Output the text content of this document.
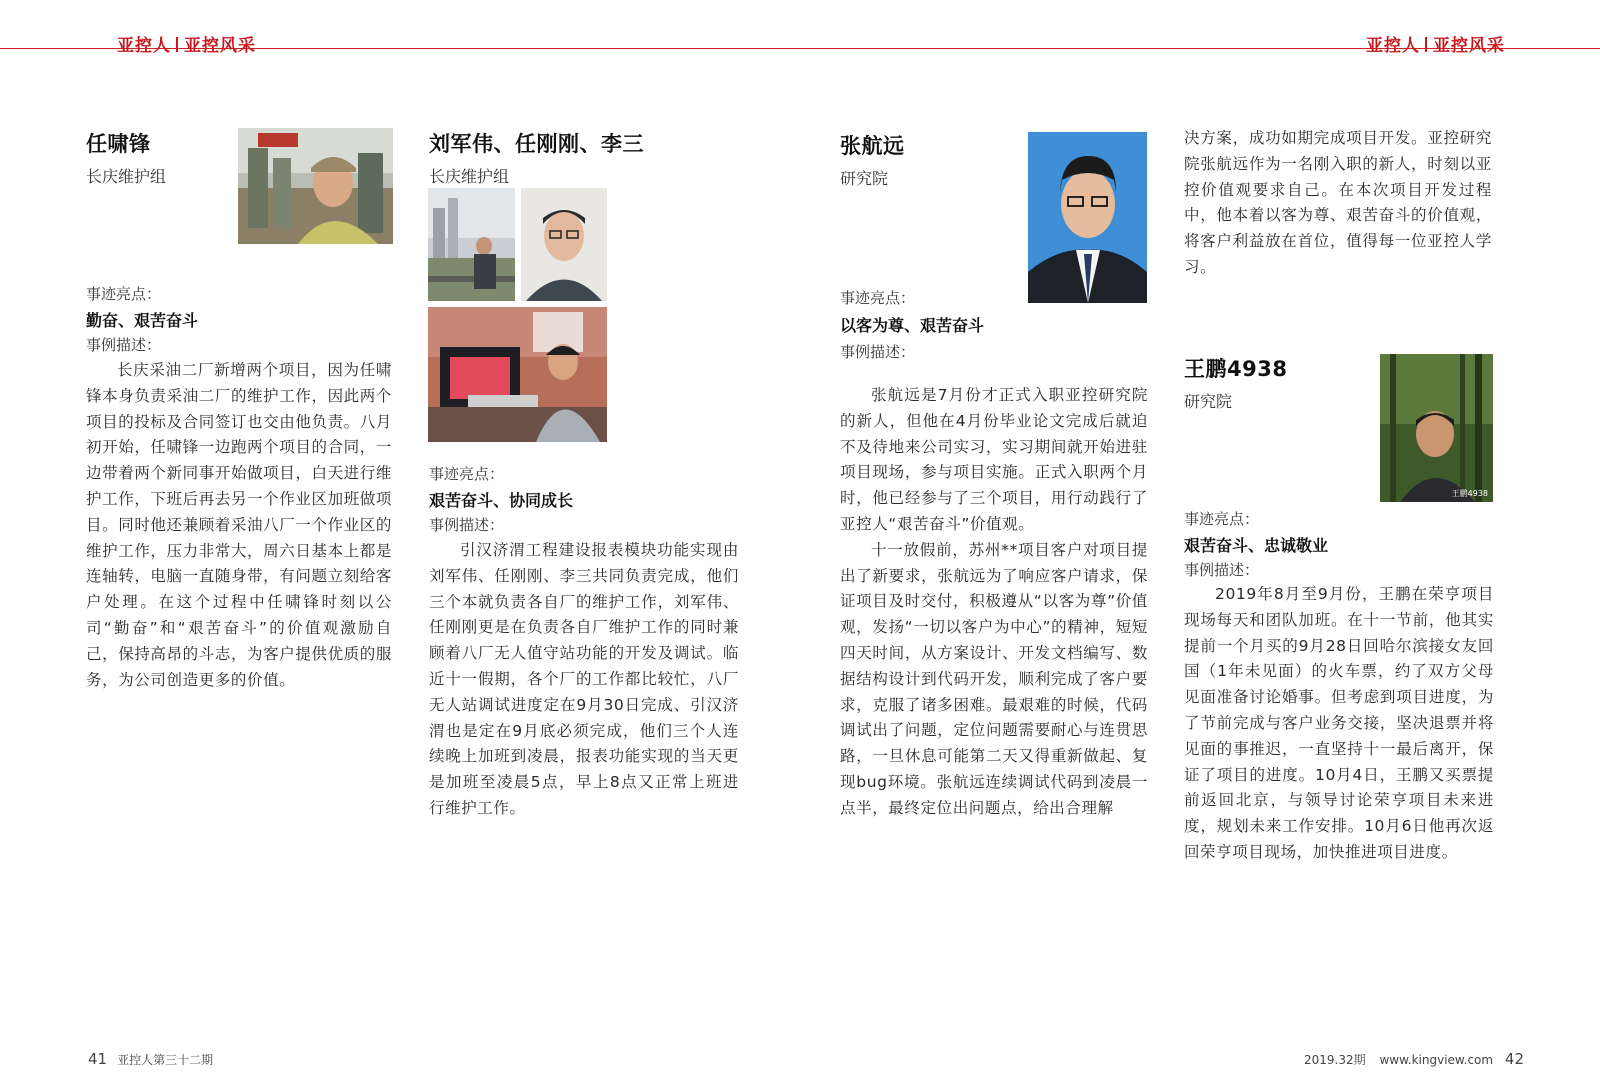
亚控人 亚控风采	亚控人 亚控风采
任啸锋
长庆维护组
事迹亮点：
勤奋、艰苦奋斗
事例描述：

长庆采油二厂新增两个项目，因为任啸锋本身负责采油二厂的维护工作，因此两个项目的投标及合同签订也交由他负责。八月初开始，任啸锋一边跑两个项目的合同，一边带着两个新同事开始做项目，白天进行维护工作，下班后再去另一个作业区加班做项目。同时他还兼顾着采油八厂一个作业区的维护工作，压力非常大，周六日基本上都是连轴转，电脑一直随身带，有问题立刻给客户处理。在这个过程中任啸锋时刻以公司“勤奋”和“艰苦奋斗”的价值观激励自己，保持高昂的斗志，为客户提供优质的服务，为公司创造更多的价值。

刘军伟、任刚刚、李三
长庆维护组
事迹亮点：
艰苦奋斗、协同成长
事例描述：

引汉济渭工程建设报表模块功能实现由刘军伟、任刚刚、李三共同负责完成，他们三个本就负责各自厂的维护工作，刘军伟、任刚刚更是在负责各自厂维护工作的同时兼顾着八厂无人值守站功能的开发及调试。临近十一假期，各个厂的工作都比较忙，八厂无人站调试进度定在9月30日完成、引汉济渭也是定在9月底必须完成，他们三个人连续晚上加班到凌晨，报表功能实现的当天更是加班至凌晨5点，早上8点又正常上班进行维护工作。

张航远
研究院
事迹亮点：
以客为尊、艰苦奋斗
事例描述：

张航远是7月份才正式入职亚控研究院的新人，但他在4月份毕业论文完成后就迫不及待地来公司实习，实习期间就开始进驻项目现场，参与项目实施。正式入职两个月时，他已经参与了三个项目，用行动践行了亚控人“艰苦奋斗”价值观。

十一放假前，苏州**项目客户对项目提出了新要求，张航远为了响应客户请求，保证项目及时交付，积极遵从“以客为尊”价值观，发扬“一切以客户为中心”的精神，短短四天时间，从方案设计、开发文档编写、数据结构设计到代码开发，顺利完成了客户要求，克服了诸多困难。最艰难的时候，代码调试出了问题，定位问题需要耐心与连贯思路，一旦休息可能第二天又得重新做起、复现bug环境。张航远连续调试代码到凌晨一点半，最终定位出问题点，给出合理解

决方案，成功如期完成项目开发。亚控研究院张航远作为一名刚入职的新人，时刻以亚控价值观要求自己。在本次项目开发过程中，他本着以客为尊、艰苦奋斗的价值观，将客户利益放在首位，值得每一位亚控人学习。

王鹏4938
研究院
王鹏4938
事迹亮点：
艰苦奋斗、忠诚敬业
事例描述：

2019年8月至9月份，王鹏在荣亨项目现场每天和团队加班。在十一节前，他其实提前一个月买的9月28日回哈尔滨接女友回国（1年未见面）的火车票，约了双方父母见面准备讨论婚事。但考虑到项目进度，为了节前完成与客户业务交接，坚决退票并将见面的事推迟，一直坚持十一最后离开，保证了项目的进度。10月4日，王鹏又买票提前返回北京，与领导讨论荣亨项目未来进度，规划未来工作安排。10月6日他再次返回荣亨项目现场，加快推进项目进度。

41 亚控人第三十二期	2019.32期 www.kingview.com 42
